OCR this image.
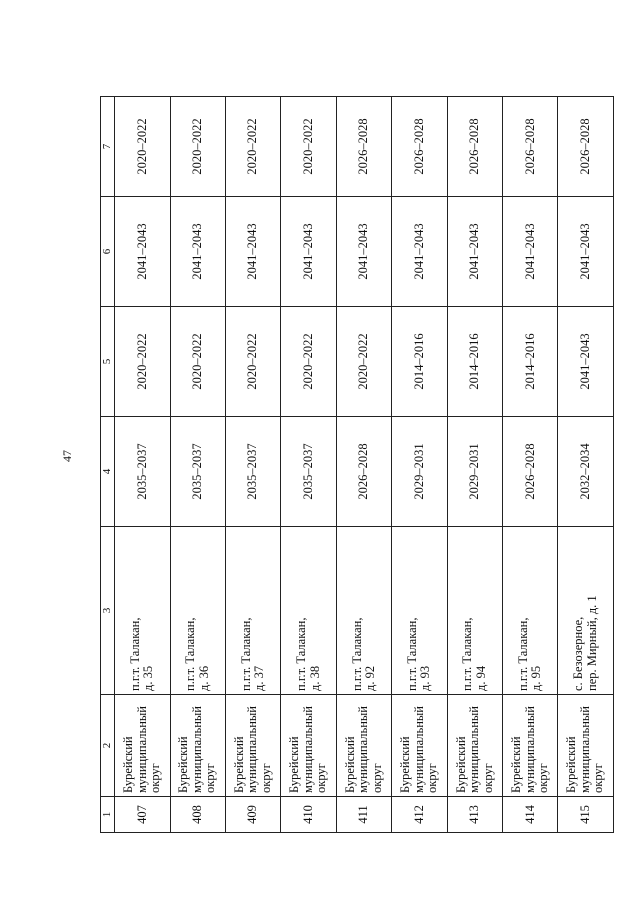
47
1	2	3	4	5	6	7
407	Бурейский муниципальный округ	п.г.т. Талакан, д. 35	2035–2037	2020–2022	2041–2043	2020–2022
408	Бурейский муниципальный округ	п.г.т. Талакан, д. 36	2035–2037	2020–2022	2041–2043	2020–2022
409	Бурейский муниципальный округ	п.г.т. Талакан, д. 37	2035–2037	2020–2022	2041–2043	2020–2022
410	Бурейский муниципальный округ	п.г.т. Талакан, д. 38	2035–2037	2020–2022	2041–2043	2020–2022
411	Бурейский муниципальный округ	п.г.т. Талакан, д. 92	2026–2028	2020–2022	2041–2043	2026–2028
412	Бурейский муниципальный округ	п.г.т. Талакан, д. 93	2029–2031	2014–2016	2041–2043	2026–2028
413	Бурейский муниципальный округ	п.г.т. Талакан, д. 94	2029–2031	2014–2016	2041–2043	2026–2028
414	Бурейский муниципальный округ	п.г.т. Талакан, д. 95	2026–2028	2014–2016	2041–2043	2026–2028
415	Бурейский муниципальный округ	с. Безозерное, пер. Мирный, д. 1	2032–2034	2041–2043	2041–2043	2026–2028
